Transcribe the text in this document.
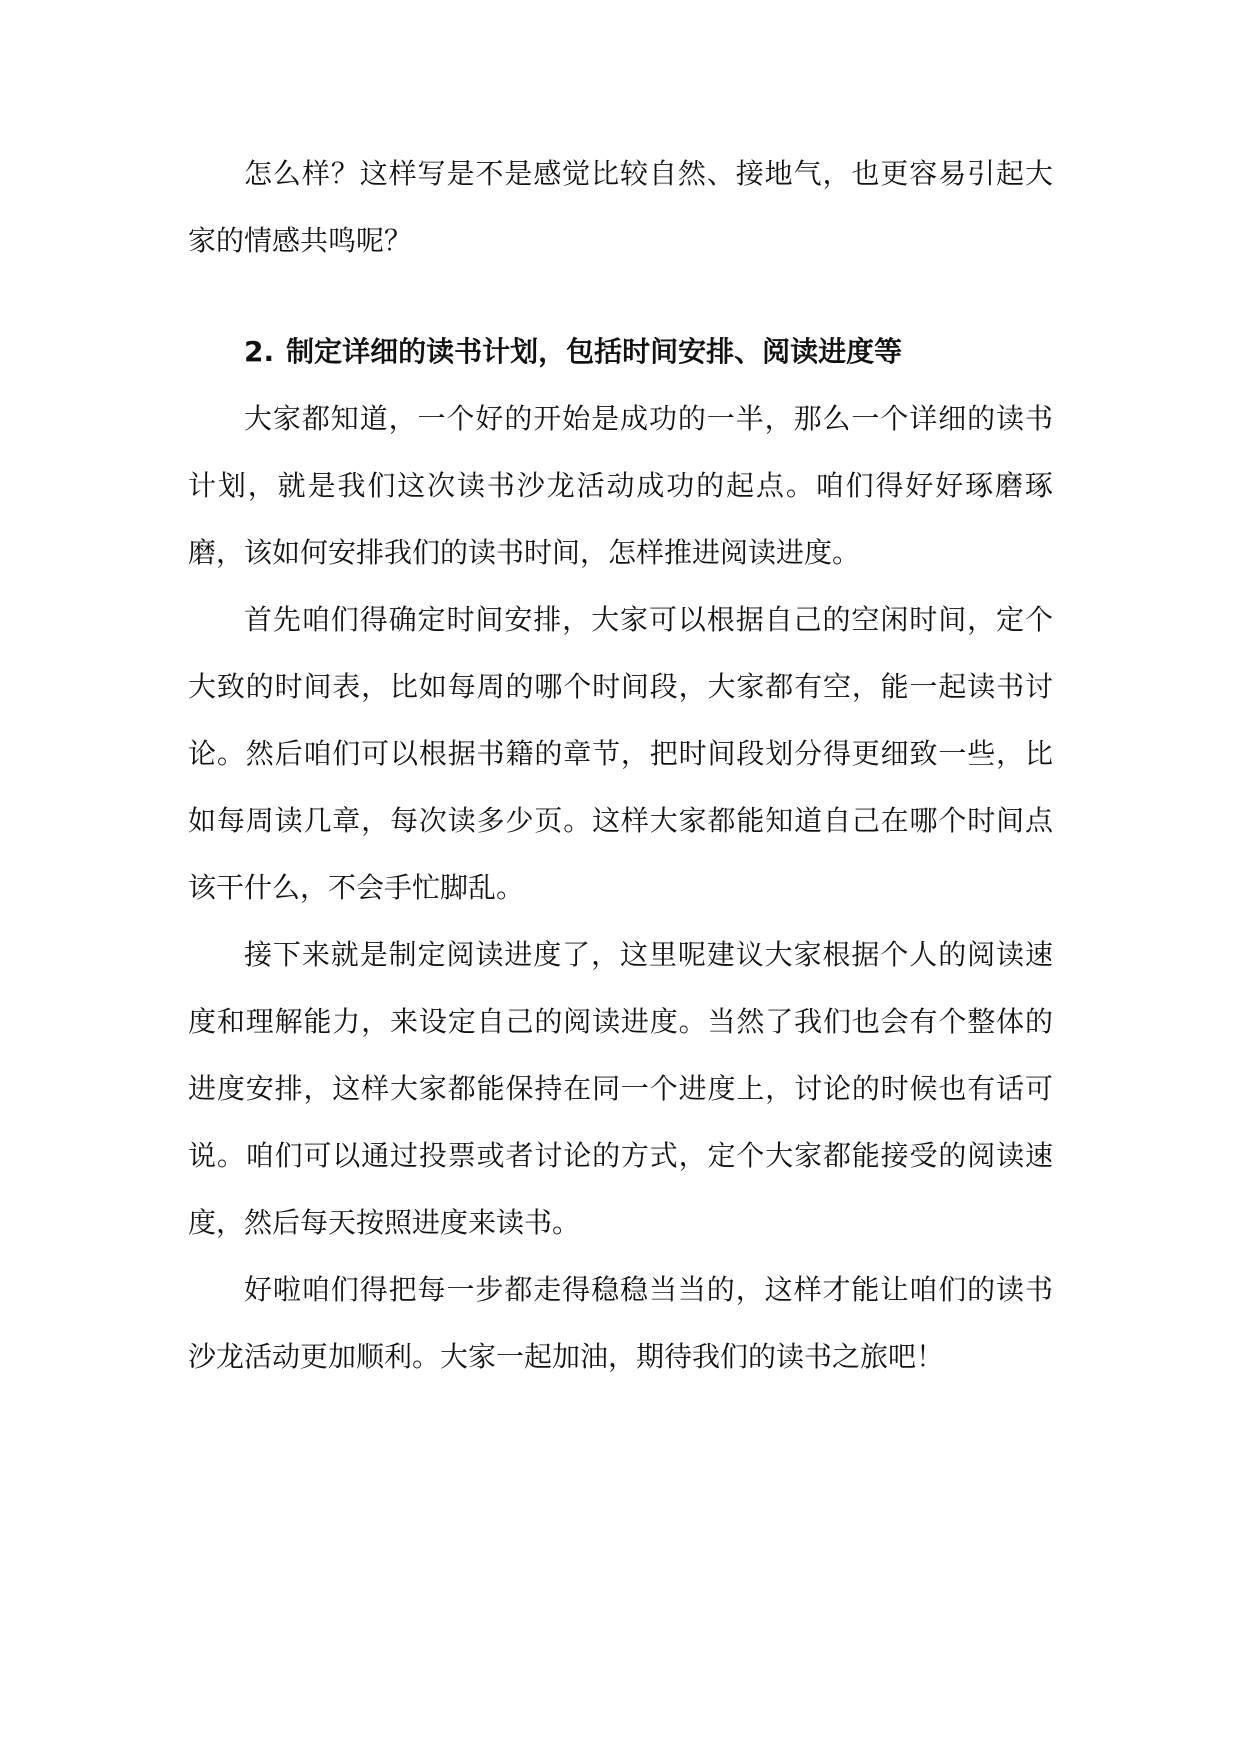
怎么样？这样写是不是感觉比较自然、接地气，也更容易引起大家的情感共鸣呢？

2. 制定详细的读书计划，包括时间安排、阅读进度等

大家都知道，一个好的开始是成功的一半，那么一个详细的读书计划，就是我们这次读书沙龙活动成功的起点。咱们得好好琢磨琢磨，该如何安排我们的读书时间，怎样推进阅读进度。

首先咱们得确定时间安排，大家可以根据自己的空闲时间，定个大致的时间表，比如每周的哪个时间段，大家都有空，能一起读书讨论。然后咱们可以根据书籍的章节，把时间段划分得更细致一些，比如每周读几章，每次读多少页。这样大家都能知道自己在哪个时间点该干什么，不会手忙脚乱。

接下来就是制定阅读进度了，这里呢建议大家根据个人的阅读速度和理解能力，来设定自己的阅读进度。当然了我们也会有个整体的进度安排，这样大家都能保持在同一个进度上，讨论的时候也有话可说。咱们可以通过投票或者讨论的方式，定个大家都能接受的阅读速度，然后每天按照进度来读书。

好啦咱们得把每一步都走得稳稳当当的，这样才能让咱们的读书沙龙活动更加顺利。大家一起加油，期待我们的读书之旅吧！
